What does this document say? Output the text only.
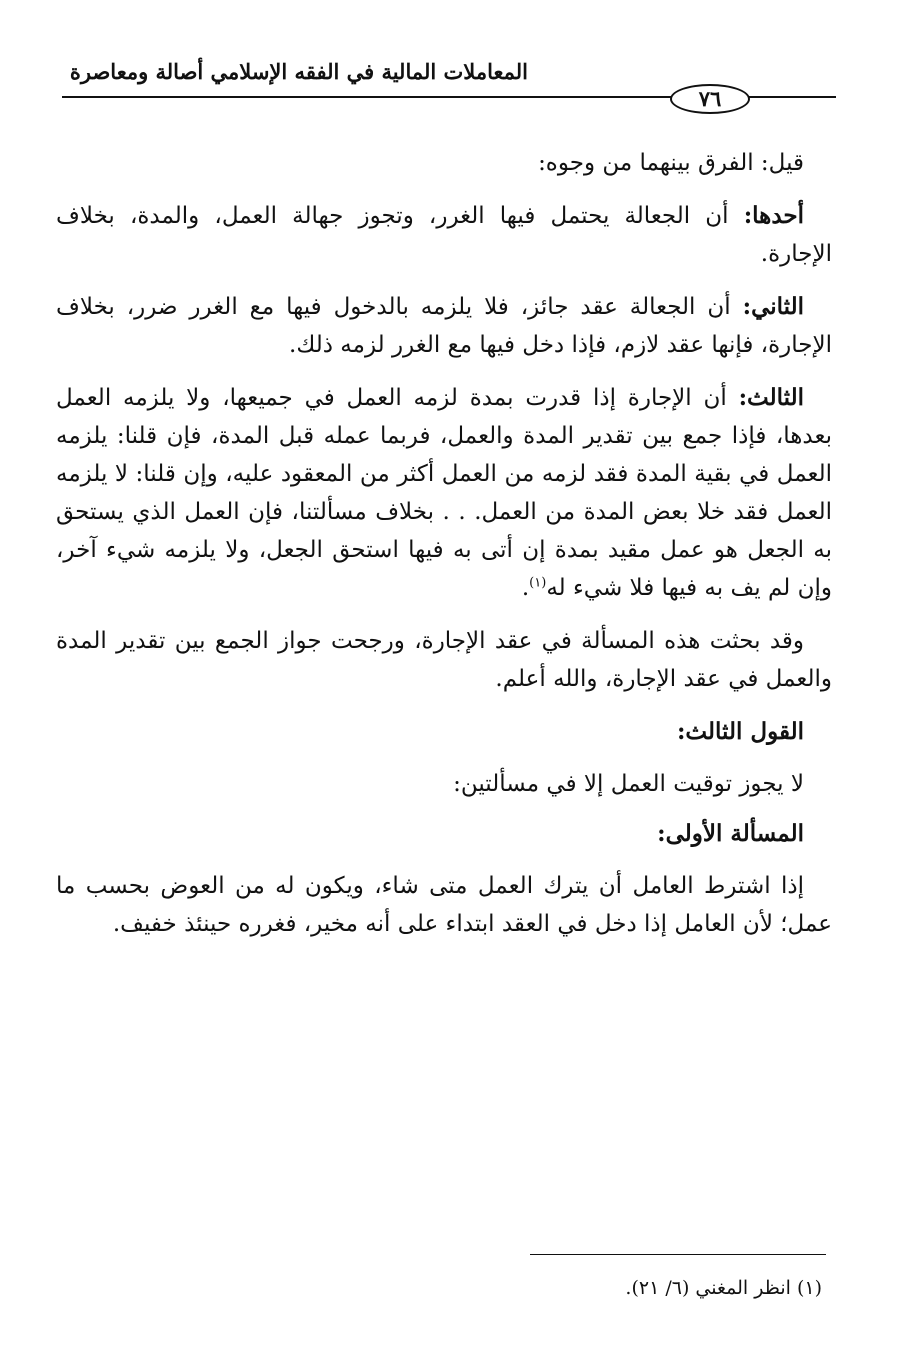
المعاملات المالية في الفقه الإسلامي أصالة ومعاصرة
٧٦

قيل: الفرق بينهما من وجوه:

أحدها: أن الجعالة يحتمل فيها الغرر، وتجوز جهالة العمل، والمدة، بخلاف الإجارة.

الثاني: أن الجعالة عقد جائز، فلا يلزمه بالدخول فيها مع الغرر ضرر، بخلاف الإجارة، فإنها عقد لازم، فإذا دخل فيها مع الغرر لزمه ذلك.

الثالث: أن الإجارة إذا قدرت بمدة لزمه العمل في جميعها، ولا يلزمه العمل بعدها، فإذا جمع بين تقدير المدة والعمل، فربما عمله قبل المدة، فإن قلنا: يلزمه العمل في بقية المدة فقد لزمه من العمل أكثر من المعقود عليه، وإن قلنا: لا يلزمه العمل فقد خلا بعض المدة من العمل. . . بخلاف مسألتنا، فإن العمل الذي يستحق به الجعل هو عمل مقيد بمدة إن أتى به فيها استحق الجعل، ولا يلزمه شيء آخر، وإن لم يف به فيها فلا شيء له$^{(١)}$.

وقد بحثت هذه المسألة في عقد الإجارة، ورجحت جواز الجمع بين تقدير المدة والعمل في عقد الإجارة، والله أعلم.

القول الثالث:

لا يجوز توقيت العمل إلا في مسألتين:

المسألة الأولى:

إذا اشترط العامل أن يترك العمل متى شاء، ويكون له من العوض بحسب ما عمل؛ لأن العامل إذا دخل في العقد ابتداء على أنه مخير، فغرره حينئذ خفيف.

(١) انظر المغني (٦/ ٢١).
